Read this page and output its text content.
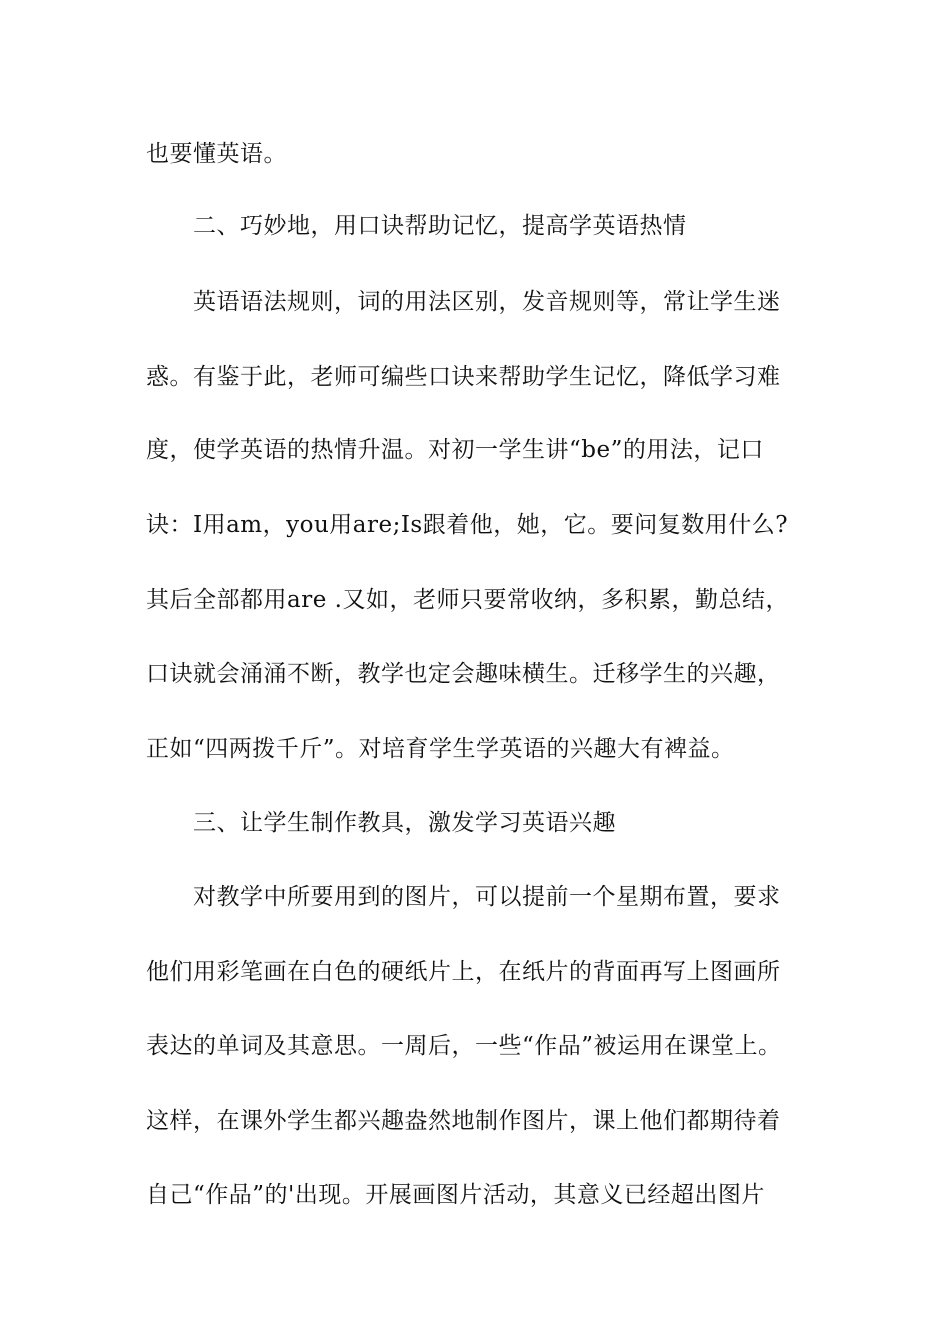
也要懂英语。
二、巧妙地，用口诀帮助记忆，提高学英语热情
英语语法规则，词的用法区别，发音规则等，常让学生迷
惑。有鉴于此，老师可编些口诀来帮助学生记忆，降低学习难
度，使学英语的热情升温。对初一学生讲“be”的用法，记口
诀：I用am，you用are;Is跟着他，她，它。要问复数用什么?
其后全部都用are .又如，老师只要常收纳，多积累，勤总结，
口诀就会涌涌不断，教学也定会趣味横生。迁移学生的兴趣，
正如“四两拨千斤”。对培育学生学英语的兴趣大有裨益。
三、让学生制作教具，激发学习英语兴趣
对教学中所要用到的图片，可以提前一个星期布置，要求
他们用彩笔画在白色的硬纸片上，在纸片的背面再写上图画所
表达的单词及其意思。一周后，一些“作品”被运用在课堂上。
这样，在课外学生都兴趣盎然地制作图片，课上他们都期待着
自己“作品”的'出现。开展画图片活动，其意义已经超出图片
